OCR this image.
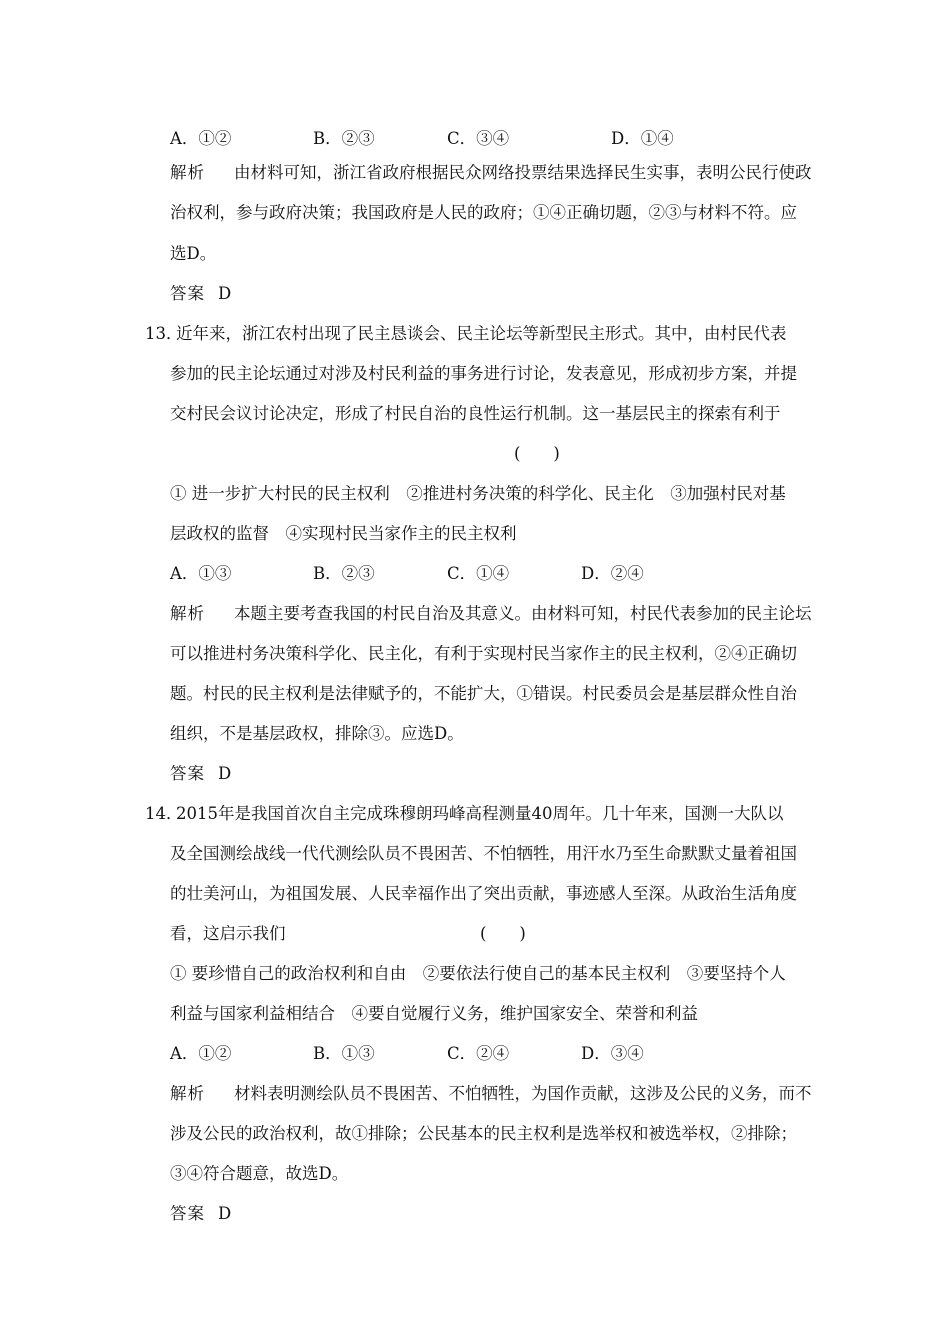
A．①②	B．②③	C．③④	D．①④
解析 由材料可知，浙江省政府根据民众网络投票结果选择民生实事，表明公民行使政
治权利，参与政府决策；我国政府是人民的政府；①④正确切题，②③与材料不符。应
选D。
答案 D
13．
近年来，浙江农村出现了民主恳谈会、民主论坛等新型民主形式。其中，由村民代表
参加的民主论坛通过对涉及村民利益的事务进行讨论，发表意见，形成初步方案，并提
交村民会议讨论决定，形成了村民自治的良性运行机制。这一基层民主的探索有利于
(　　)
① 进一步扩大村民的民主权利　②推进村务决策的科学化、民主化　③加强村民对基
层政权的监督　④实现村民当家作主的民主权利
A．①③	B．②③	C．①④	D．②④
解析 本题主要考查我国的村民自治及其意义。由材料可知，村民代表参加的民主论坛
可以推进村务决策科学化、民主化，有利于实现村民当家作主的民主权利，②④正确切
题。村民的民主权利是法律赋予的，不能扩大，①错误。村民委员会是基层群众性自治
组织，不是基层政权，排除③。应选D。
答案 D
14．
2015年是我国首次自主完成珠穆朗玛峰高程测量40周年。几十年来，国测一大队以
及全国测绘战线一代代测绘队员不畏困苦、不怕牺牲，用汗水乃至生命默默丈量着祖国
的壮美河山，为祖国发展、人民幸福作出了突出贡献，事迹感人至深。从政治生活角度
看，这启示我们	(　　)
① 要珍惜自己的政治权利和自由　②要依法行使自己的基本民主权利　③要坚持个人
利益与国家利益相结合　④要自觉履行义务，维护国家安全、荣誉和利益
A．①②	B．①③	C．②④	D．③④
解析 材料表明测绘队员不畏困苦、不怕牺牲，为国作贡献，这涉及公民的义务，而不
涉及公民的政治权利，故①排除；公民基本的民主权利是选举权和被选举权，②排除；
③④符合题意，故选D。
答案 D
